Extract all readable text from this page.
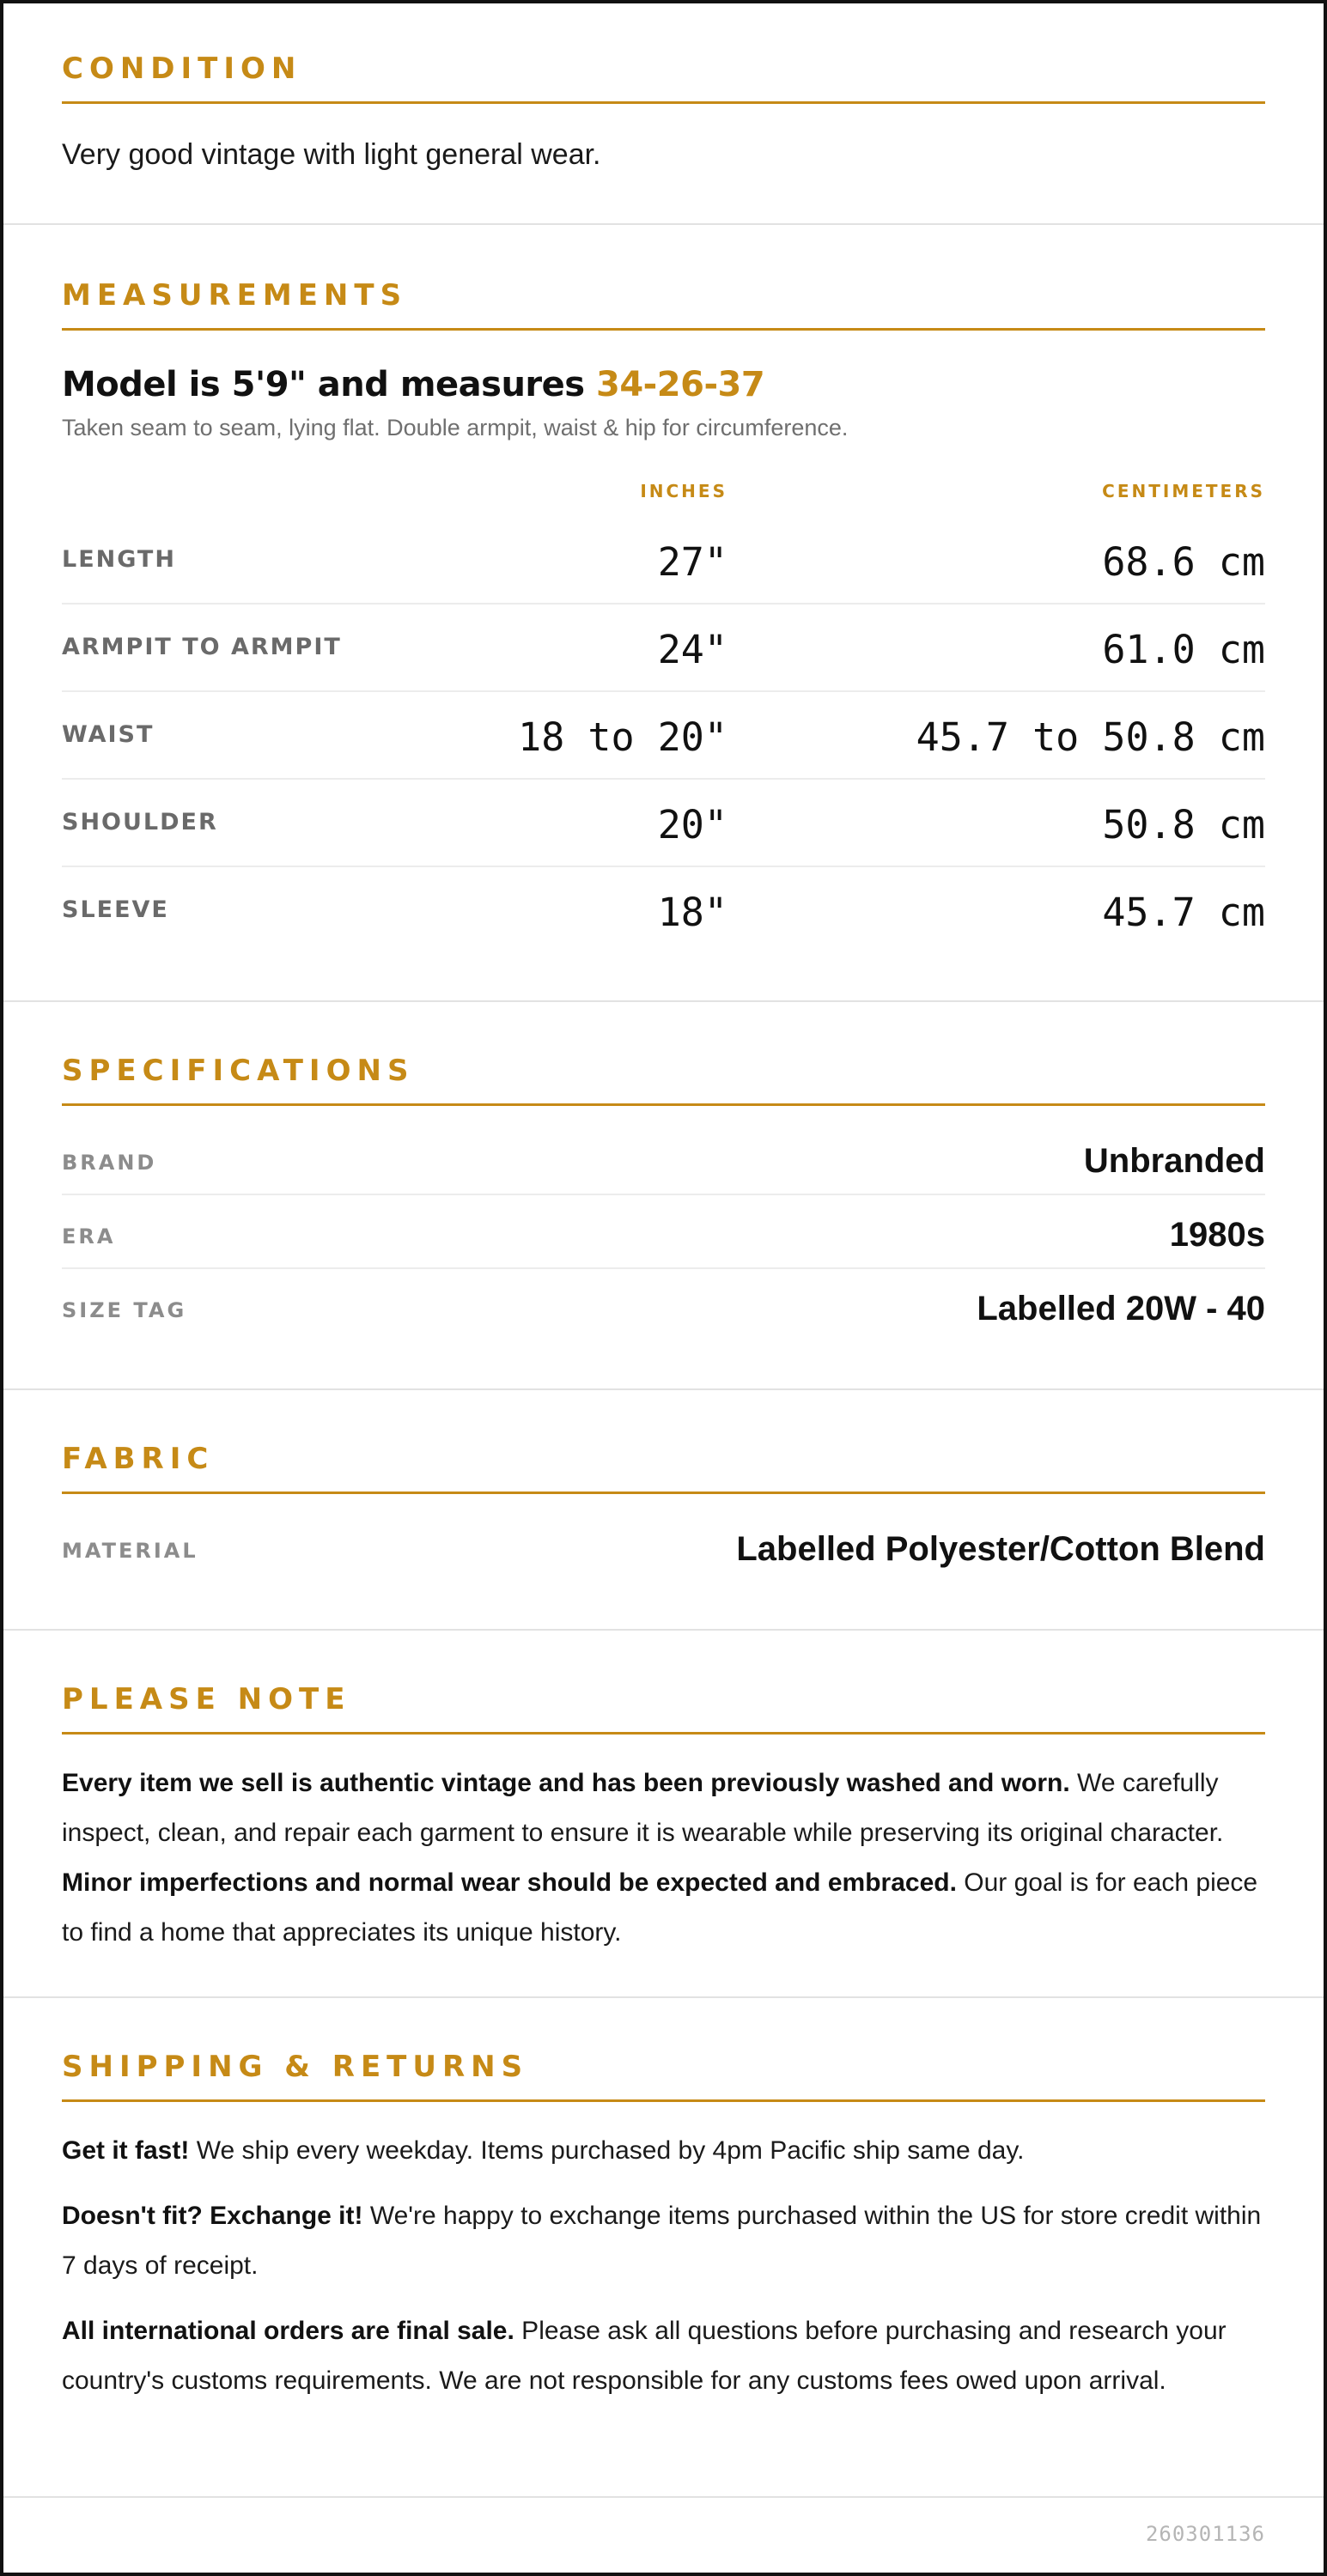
CONDITION

Very good vintage with light general wear.

MEASUREMENTS
Model is 5'9" and measures 34-26-37

Taken seam to seam, lying flat. Double armpit, waist & hip for circumference.

INCHES	CENTIMETERS
LENGTH	27"	68.6 cm
ARMPIT TO ARMPIT	24"	61.0 cm
WAIST	18 to 20"	45.7 to 50.8 cm
SHOULDER	20"	50.8 cm
SLEEVE	18"	45.7 cm
SPECIFICATIONS
BRAND	Unbranded
ERA	1980s
SIZE TAG	Labelled 20W - 40
FABRIC
MATERIAL	Labelled Polyester/Cotton Blend
PLEASE NOTE

Every item we sell is authentic vintage and has been previously washed and worn. We carefully inspect, clean, and repair each garment to ensure it is wearable while preserving its original character. Minor imperfections and normal wear should be expected and embraced. Our goal is for each piece to find a home that appreciates its unique history.

SHIPPING & RETURNS

Get it fast! We ship every weekday. Items purchased by 4pm Pacific ship same day.

Doesn't fit? Exchange it! We're happy to exchange items purchased within the US for store credit within 7 days of receipt.

All international orders are final sale. Please ask all questions before purchasing and research your country's customs requirements. We are not responsible for any customs fees owed upon arrival.

260301136
